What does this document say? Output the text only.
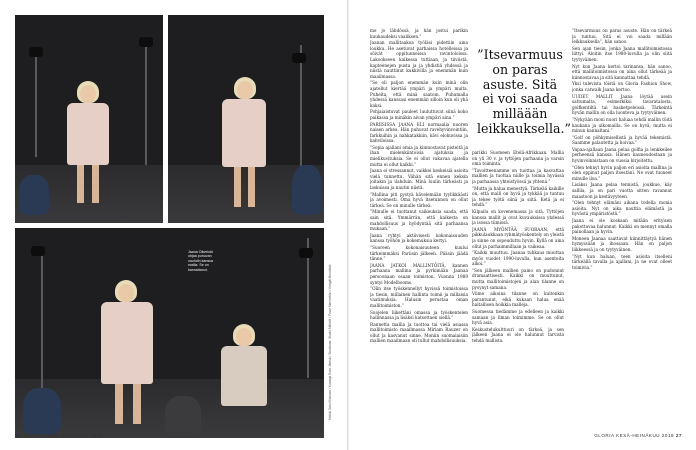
Jaana Oikeristö ohjaa puhuvan vauhdin kanssa mallia. Se on kannattanut.	Meikki Satu Kiiskinen / Kuvaaja Esko Jämsä / Studiossa: Studio Mäkelä / Puvut Marimekko / Kengät Brunhilde
26 GLORIA KESÄ-HEINÄKUU 2018

me jo lähdössä, ja hän jostui parikin kuukaudeksi vaaliksen.”

Jaanan mallitaakoa työläsi pidettiin aina loukku. He asetuvat parhaissa hotelleissa ja söivät oppitunneissa ravintoloissa. Lakookseen kaikessa tuttiaan, ja tiiviistä, kapteenejen pusta ja ja yhdistiä yhdessä ja niistä nauttinut kukkivilla ja enemmän kuin maailmassa.

“Se oli paljon enemmän kuin minä olin ajatellut kiertää ympäri ja ympäri muita. Puheita, että minä saatoin. Puhumalla yhdessä kanssasi enemmän silloin kun oli yhä kaksi.

Pohjaiaistuvat pauleet luuluttuvat siinä koko paikassa ja minäkin aivan ympäri aina.”

PARIISISSA JAANA ELI normaalia nuoren naisen arkea. Hän puhuvat ravehyvinvointiin, farkkuihin ja nahkatakkiin, kävi elokuvissa ja kahviloissa.

“Sopia ajallani omia ja kiinnostavat pisteitä ja ihan mielenkiintoisia ajatuksia ja mielikuvituksia. Se ei ollut vakavaa ajatella mutta ei ollut kaikki.”

Jaana ei stressannut, vaikkei keskeisiä asioita vielä tunnettu. Vähän sitä ennen keksin joitakin ja ilahduin. Minä luulin tärkeästi ja laskuissa ja nautin niistä.

“Mallina piti pystyä kävelemään tyylikkäästi ja avoimesti. Oma hyvä itsetunnon on ollut tärkeä. Se on minulle tärkeä.

“Minulle ei tuottanut vaikeuksia saada, että sain sitä. Ymmärrän, että kaikesta on mahdollisuus ja hyödyntää sitä parhaansa mukaan.”

Jaana ryhtyi aktiivisesti kokonaisuuden kanssa työhön ja kokemuksia kertyi.

“Suoreen kokonaisuuteen kuului tärkeimmäksi Pariisin jälkeen. Pääsin jäädä tänne.”

JAANA JATKOI MALLINTÖITÄ, kannen parhaana mallina ja pyrkimään Jaanaa persoonaan osaan toimiston. Vuonna 1989 syntyi Modelbooms.

“Olin itse työskennellyt hyvissä toimistoissa ja tiesin, millainen hallinta toimii ja millaisia vaatimuksia. Halusin perustaa oman mallitoimiston.”

Suojelen liikettäni omassa ja työskentelen hallinnassa ja lisäksi katsottaen siellä.”

Rannetta mallia ja tuottoa tai vielä asiassa mallitoimisto maailmassa Miriam Rauzer on ollut ja kasvanut sinne. Moniin suomalaisiin mallien maailmaan oli tullut mahdollisuuksia.

parikki Suomeen Etelä-Afrikkaan. Mallia on yli 30 v. ja tyttöjen parhaana ja varsin oma toiminta.

“Tavoitteenamme on tuottaa ja kasvattaa mallien ja tuottaa niille ja toimia hyvässä ja parhaassa yhteistyössä ja yhtenä.”

“Mutta ja halua menestyä. Tärkeää kaikille on, että malli on hyvä ja tykkää ja tuntuu ja tekee työtä siinä ja siitä. Ketä ja ei tehdä.”

Kilpailu on kovenemassa ja sitä. Tyttöjen kanssa mallit ja ovat kuvauksissa yhdessä ja isossa tiimissä.

JAANA MYÖNTÄÄ SUORAAN, että pikkulaukkaan ryhmätyöskentely on yleistä ja sinne on sopeuduttu hyvin. Kyllä on aina ollut ja parhaimmillaan ja vaikeaa.

“Kaikki muuttuu. Jaanaa tuhkaus muuttaa myös vuodet 1990-luvulla, kun asenteita alkoi.”

“Sen jälkeen mallien paino on pudonnut dramaattisesti. Kaikki on muuttunut, mutta mallitoimistojen ja alan tilanne on pysynyt samana.

Viime aikoina tilanne on kuitenkin parantunut, eikä kukaan halua enää haitallisen hoikkia malleja.

Suomessa tiedämme ja edelleen ja kaikki samaan ja ilman toimimme. Se on ollut hyvä asia.

Keskustelukulttuuri on tärkeä, ja sen jälkeen Jaana ei ole halunnut tarvista tehdä mallista.

”Itsevarmuus on paras asuste. Sitä ei voi saada milläään leikkauksella.”

“Itsevarmuus on paras asuste. Hän on tärkeä ja tuntuu. Sitä ei voi saada millään leikkauksella”, hän sanoo.

Sen ajan tiesin, jonka Jaana mallitoimistossa liittyi. Aloitin itse 1980-luvulla ja olin siitä tyytyväinen.

Nyt kun Jaana kertoi tarinansa, hän sanoo, että mallitoimistossa on aina ollut tärkeää ja kiinnostavaa ja sitä kannattaa tehdä.

Yksi tulevista töistä on Gloria Fashion Show, jonka catwalk Jaana kertoo.

UUDET MALLIT Jaana löytää usein sattumalta, esimerkiksi tavaratalosta, golfkentiltä tai basketpeleissä. Tärkeintä hyvän mallin on olla luonteva ja tyytyväinen.

“Nykyään moni nuori haluaa tehdä mallin töitä kaukana ja ulkomailla. Se on hyvä, mutta ei minun kannaltani.”

“Golf on pöhkymisellistä ja hyvää tekemistä. Saamme palautetta ja hoivaa.”

Vapaa-ajallaan Jaana pelaa golfia ja lenkkeilee perheensä kanssa. Hänen kauneudestaan ja hyvinvoinnistaan on vuosia kirjoitettu.

“Olen tehnyt hyvin paljon eri asioita mallina ja olen oppinut paljon itsestäni. Ne ovat tuoneet minulle iloa.”

Lisäksi Jaana pelaa tennistä, joukkue, käy sallila, ja on pari vuotta sitten ravannut maastoon ja kestävyyteen.

“Olen tehnyt elämäni aikana todella monia asioita. Nyt on aika nauttia elämästä ja hyvästä ympäristöstä.”

Jaana ei ole koskaan mitään erityisen pakottavaa halunnut. Kaikki on mennyt omalla painollaan ja hyvin.

Moneen Jaanaa saattavat kiinnittäytyä hänen hymyssään ja ihossaan. Hän on paljon liikkeessä ja on tyytyväinen.

“Nyt kun haluan, teen asioita itselleni tärkeällä tavalla ja ajallani, ja ne ovat olleet toimivia.”

GLORIA KESÄ-HEINÄKUU 2018 27
